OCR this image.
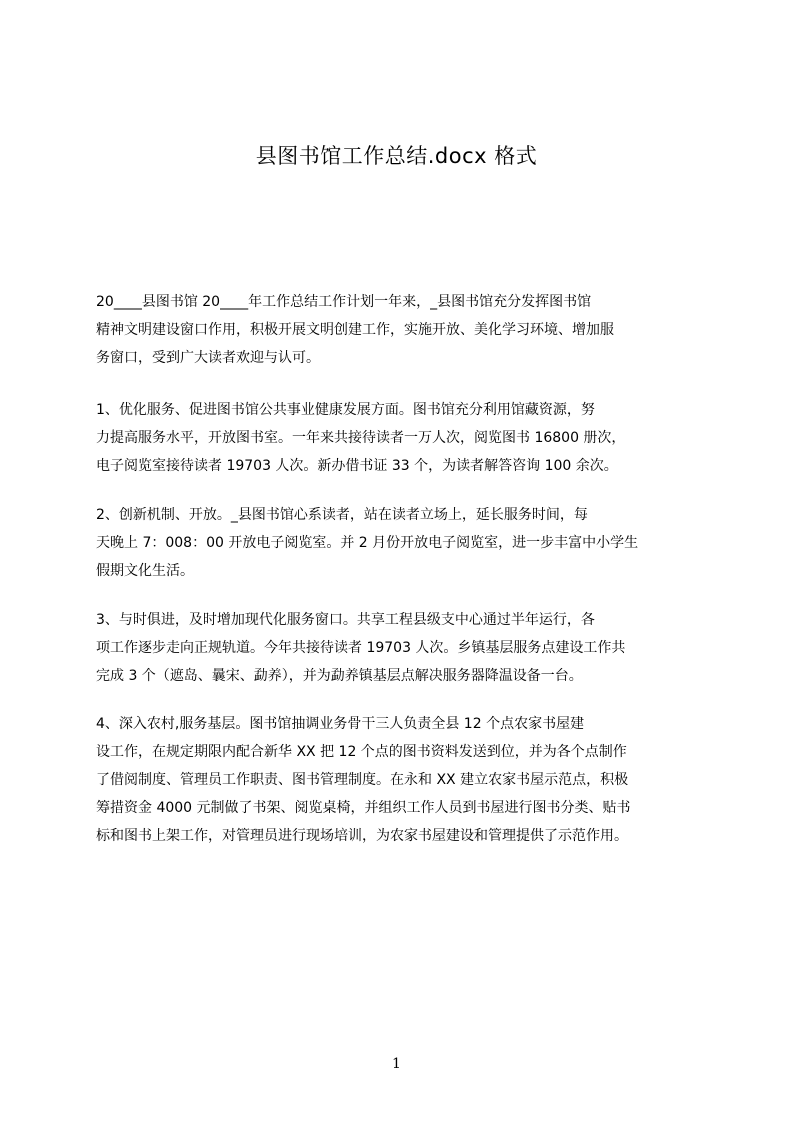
县图书馆工作总结.docx 格式
20____县图书馆 20____年工作总结工作计划一年来，_县图书馆充分发挥图书馆
精神文明建设窗口作用，积极开展文明创建工作，实施开放、美化学习环境、增加服
务窗口，受到广大读者欢迎与认可。
1、优化服务、促进图书馆公共事业健康发展方面。图书馆充分利用馆藏资源，努
力提高服务水平，开放图书室。一年来共接待读者一万人次，阅览图书 16800 册次，
电子阅览室接待读者 19703 人次。新办借书证 33 个，为读者解答咨询 100 余次。
2、创新机制、开放。_县图书馆心系读者，站在读者立场上，延长服务时间，每
天晚上 7：008：00 开放电子阅览室。并 2 月份开放电子阅览室，进一步丰富中小学生
假期文化生活。
3、与时俱进，及时增加现代化服务窗口。共享工程县级支中心通过半年运行，各
项工作逐步走向正规轨道。今年共接待读者 19703 人次。乡镇基层服务点建设工作共
完成 3 个（遮岛、曩宋、勐养），并为勐养镇基层点解决服务器降温设备一台。
4、深入农村,服务基层。图书馆抽调业务骨干三人负责全县 12 个点农家书屋建
设工作，在规定期限内配合新华 XX 把 12 个点的图书资料发送到位，并为各个点制作
了借阅制度、管理员工作职责、图书管理制度。在永和 XX 建立农家书屋示范点，积极
筹措资金 4000 元制做了书架、阅览桌椅，并组织工作人员到书屋进行图书分类、贴书
标和图书上架工作，对管理员进行现场培训，为农家书屋建设和管理提供了示范作用。
1
